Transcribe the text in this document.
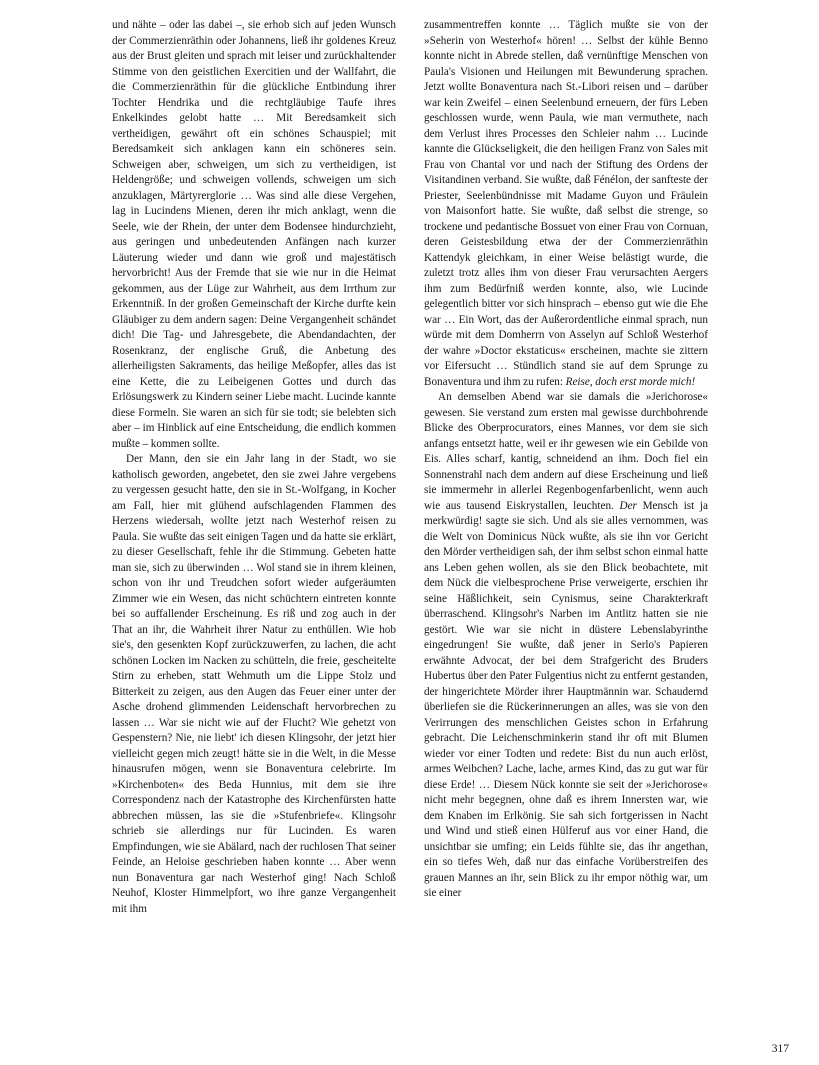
und nähte – oder las dabei –, sie erhob sich auf jeden Wunsch der Commerzienräthin oder Johannens, ließ ihr goldenes Kreuz aus der Brust gleiten und sprach mit leiser und zurückhaltender Stimme von den geistlichen Exercitien und der Wallfahrt, die die Commerzienräthin für die glückliche Entbindung ihrer Tochter Hendrika und die rechtgläubige Taufe ihres Enkelkindes gelobt hatte … Mit Beredsamkeit sich vertheidigen, gewährt oft ein schönes Schauspiel; mit Beredsamkeit sich anklagen kann ein schöneres sein. Schweigen aber, schweigen, um sich zu vertheidigen, ist Heldengröße; und schweigen vollends, schweigen um sich anzuklagen, Märtyrerglorie … Was sind alle diese Vergehen, lag in Lucindens Mienen, deren ihr mich anklagt, wenn die Seele, wie der Rhein, der unter dem Bodensee hindurchzieht, aus geringen und unbedeutenden Anfängen nach kurzer Läuterung wieder und dann wie groß und majestätisch hervorbricht! Aus der Fremde that sie wie nur in die Heimat gekommen, aus der Lüge zur Wahrheit, aus dem Irrthum zur Erkenntniß. In der großen Gemeinschaft der Kirche durfte kein Gläubiger zu dem andern sagen: Deine Vergangenheit schändet dich! Die Tag- und Jahresgebete, die Abendandachten, der Rosenkranz, der englische Gruß, die Anbetung des allerheiligsten Sakraments, das heilige Meßopfer, alles das ist eine Kette, die zu Leibeigenen Gottes und durch das Erlösungswerk zu Kindern seiner Liebe macht. Lucinde kannte diese Formeln. Sie waren an sich für sie todt; sie belebten sich aber – im Hinblick auf eine Entscheidung, die endlich kommen mußte – kommen sollte.

Der Mann, den sie ein Jahr lang in der Stadt, wo sie katholisch geworden, angebetet, den sie zwei Jahre vergebens zu vergessen gesucht hatte, den sie in St.-Wolfgang, in Kocher am Fall, hier mit glühend aufschlagenden Flammen des Herzens wiedersah, wollte jetzt nach Westerhof reisen zu Paula. Sie wußte das seit einigen Tagen und da hatte sie erklärt, zu dieser Gesellschaft, fehle ihr die Stimmung. Gebeten hatte man sie, sich zu überwinden … Wol stand sie in ihrem kleinen, schon von ihr und Treudchen sofort wieder aufgeräumten Zimmer wie ein Wesen, das nicht schüchtern eintreten konnte bei so auffallender Erscheinung. Es riß und zog auch in der That an ihr, die Wahrheit ihrer Natur zu enthüllen. Wie hob sie's, den gesenkten Kopf zurückzuwerfen, zu lachen, die acht schönen Locken im Nacken zu schütteln, die freie, gescheitelte Stirn zu erheben, statt Wehmuth um die Lippe Stolz und Bitterkeit zu zeigen, aus den Augen das Feuer einer unter der Asche drohend glimmenden Leidenschaft hervorbrechen zu lassen … War sie nicht wie auf der Flucht? Wie gehetzt von Gespenstern? Nie, nie liebt' ich diesen Klingsohr, der jetzt hier vielleicht gegen mich zeugt! hätte sie in die Welt, in die Messe hinausrufen mögen, wenn sie Bonaventura celebrirte. Im »Kirchenboten« des Beda Hunnius, mit dem sie ihre Correspondenz nach der Katastrophe des Kirchenfürsten hatte abbrechen müssen, las sie die »Stufenbriefe«. Klingsohr schrieb sie allerdings nur für Lucinden. Es waren Empfindungen, wie sie Abälard, nach der ruchlosen That seiner Feinde, an Heloise geschrieben haben konnte … Aber wenn nun Bonaventura gar nach Westerhof ging! Nach Schloß Neuhof, Kloster Himmelpfort, wo ihre ganze Vergangenheit mit ihm

zusammentreffen konnte … Täglich mußte sie von der »Seherin von Westerhof« hören! … Selbst der kühle Benno konnte nicht in Abrede stellen, daß vernünftige Menschen von Paula's Visionen und Heilungen mit Bewunderung sprachen. Jetzt wollte Bonaventura nach St.-Libori reisen und – darüber war kein Zweifel – einen Seelenbund erneuern, der fürs Leben geschlossen wurde, wenn Paula, wie man vermuthete, nach dem Verlust ihres Processes den Schleier nahm … Lucinde kannte die Glückseligkeit, die den heiligen Franz von Sales mit Frau von Chantal vor und nach der Stiftung des Ordens der Visitandinen verband. Sie wußte, daß Fénélon, der sanfteste der Priester, Seelenbündnisse mit Madame Guyon und Fräulein von Maisonfort hatte. Sie wußte, daß selbst die strenge, so trockene und pedantische Bossuet von einer Frau von Cornuan, deren Geistesbildung etwa der der Commerzienräthin Kattendyk gleichkam, in einer Weise belästigt wurde, die zuletzt trotz alles ihm von dieser Frau verursachten Aergers ihm zum Bedürfniß werden konnte, also, wie Lucinde gelegentlich bitter vor sich hinsprach – ebenso gut wie die Ehe war … Ein Wort, das der Außerordentliche einmal sprach, nun würde mit dem Domherrn von Asselyn auf Schloß Westerhof der wahre »Doctor ekstaticus« erscheinen, machte sie zittern vor Eifersucht … Stündlich stand sie auf dem Sprunge zu Bonaventura und ihm zu rufen: Reise, doch erst morde mich!

An demselben Abend war sie damals die »Jerichorose« gewesen. Sie verstand zum ersten mal gewisse durchbohrende Blicke des Oberprocurators, eines Mannes, vor dem sie sich anfangs entsetzt hatte, weil er ihr gewesen wie ein Gebilde von Eis. Alles scharf, kantig, schneidend an ihm. Doch fiel ein Sonnenstrahl nach dem andern auf diese Erscheinung und ließ sie immermehr in allerlei Regenbogenfarbenlicht, wenn auch wie aus tausend Eiskrystallen, leuchten. Der Mensch ist ja merkwürdig! sagte sie sich. Und als sie alles vernommen, was die Welt von Dominicus Nück wußte, als sie ihn vor Gericht den Mörder vertheidigen sah, der ihm selbst schon einmal hatte ans Leben gehen wollen, als sie den Blick beobachtete, mit dem Nück die vielbesprochene Prise verweigerte, erschien ihr seine Häßlichkeit, sein Cynismus, seine Charakterkraft überraschend. Klingsohr's Narben im Antlitz hatten sie nie gestört. Wie war sie nicht in düstere Lebenslabyrinthe eingedrungen! Sie wußte, daß jener in Serlo's Papieren erwähnte Advocat, der bei dem Strafgericht des Bruders Hubertus über den Pater Fulgentius nicht zu entfernt gestanden, der hingerichtete Mörder ihrer Hauptmännin war. Schaudernd überliefen sie die Rückerinnerungen an alles, was sie von den Verirrungen des menschlichen Geistes schon in Erfahrung gebracht. Die Leichenschminkerin stand ihr oft mit Blumen wieder vor einer Todten und redete: Bist du nun auch erlöst, armes Weibchen? Lache, lache, armes Kind, das zu gut war für diese Erde! … Diesem Nück konnte sie seit der »Jerichorose« nicht mehr begegnen, ohne daß es ihrem Innersten war, wie dem Knaben im Erlkönig. Sie sah sich fortgerissen in Nacht und Wind und stieß einen Hülferuf aus vor einer Hand, die unsichtbar sie umfing; ein Leids fühlte sie, das ihr angethan, ein so tiefes Weh, daß nur das einfache Vorüberstreifen des grauen Mannes an ihr, sein Blick zu ihr empor nöthig war, um sie einer

317
